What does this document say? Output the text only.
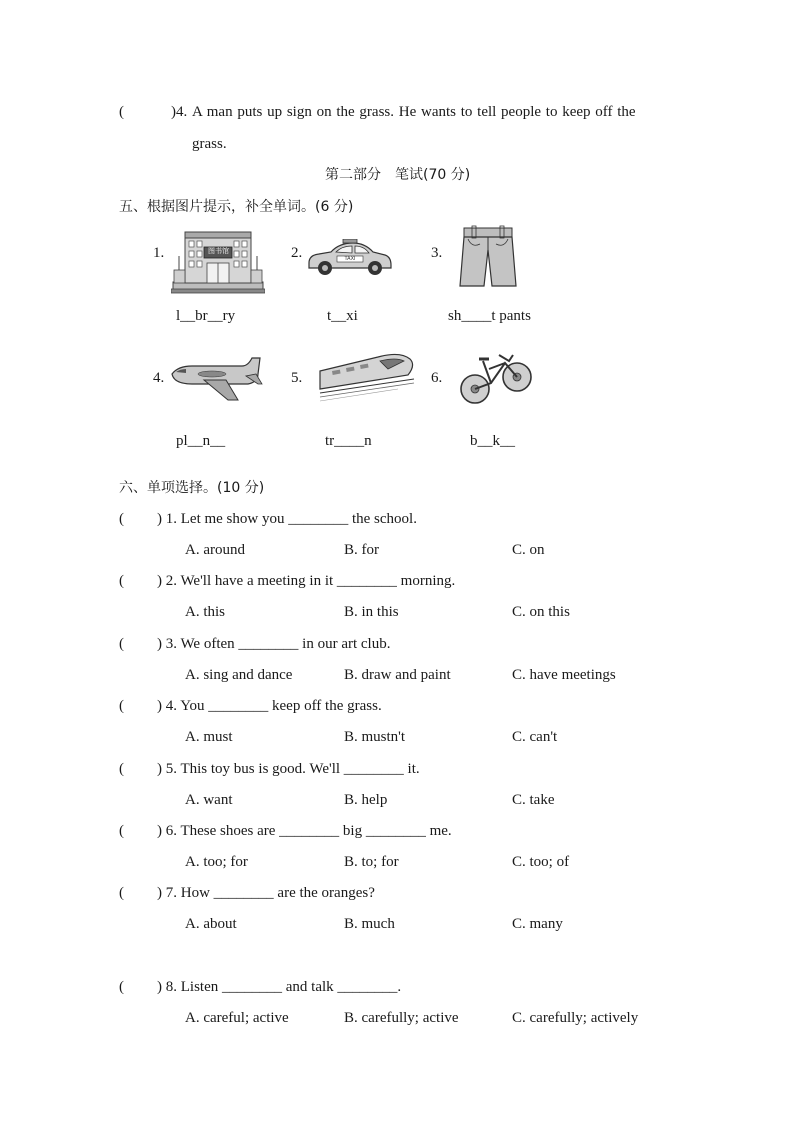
(	)4. A man puts up sign on the grass. He wants to tell people to keep off the
grass.
第二部分　笔试(70 分)
五、根据图片提示，补全单词。(6 分)
1.	图书馆
l__br__ry
2.	TAXI
t__xi
3.
sh____t pants
4.
pl__n__
5.
tr____n
6.
b__k__
六、单项选择。(10 分)
( ) 1. Let me show you ________ the school.
A. around	B. for	C. on
( ) 2. We'll have a meeting in it ________ morning.
A. this	B. in this	C. on this
( ) 3. We often ________ in our art club.
A. sing and dance	B. draw and paint	C. have meetings
( ) 4. You ________ keep off the grass.
A. must	B. mustn't	C. can't
( ) 5. This toy bus is good. We'll ________ it.
A. want	B. help	C. take
( ) 6. These shoes are ________ big ________ me.
A. too; for	B. to; for	C. too; of
( ) 7. How ________ are the oranges?
A. about	B. much	C. many
( ) 8. Listen ________ and talk ________.
A. careful; active	B. carefully; active	C. carefully; actively
